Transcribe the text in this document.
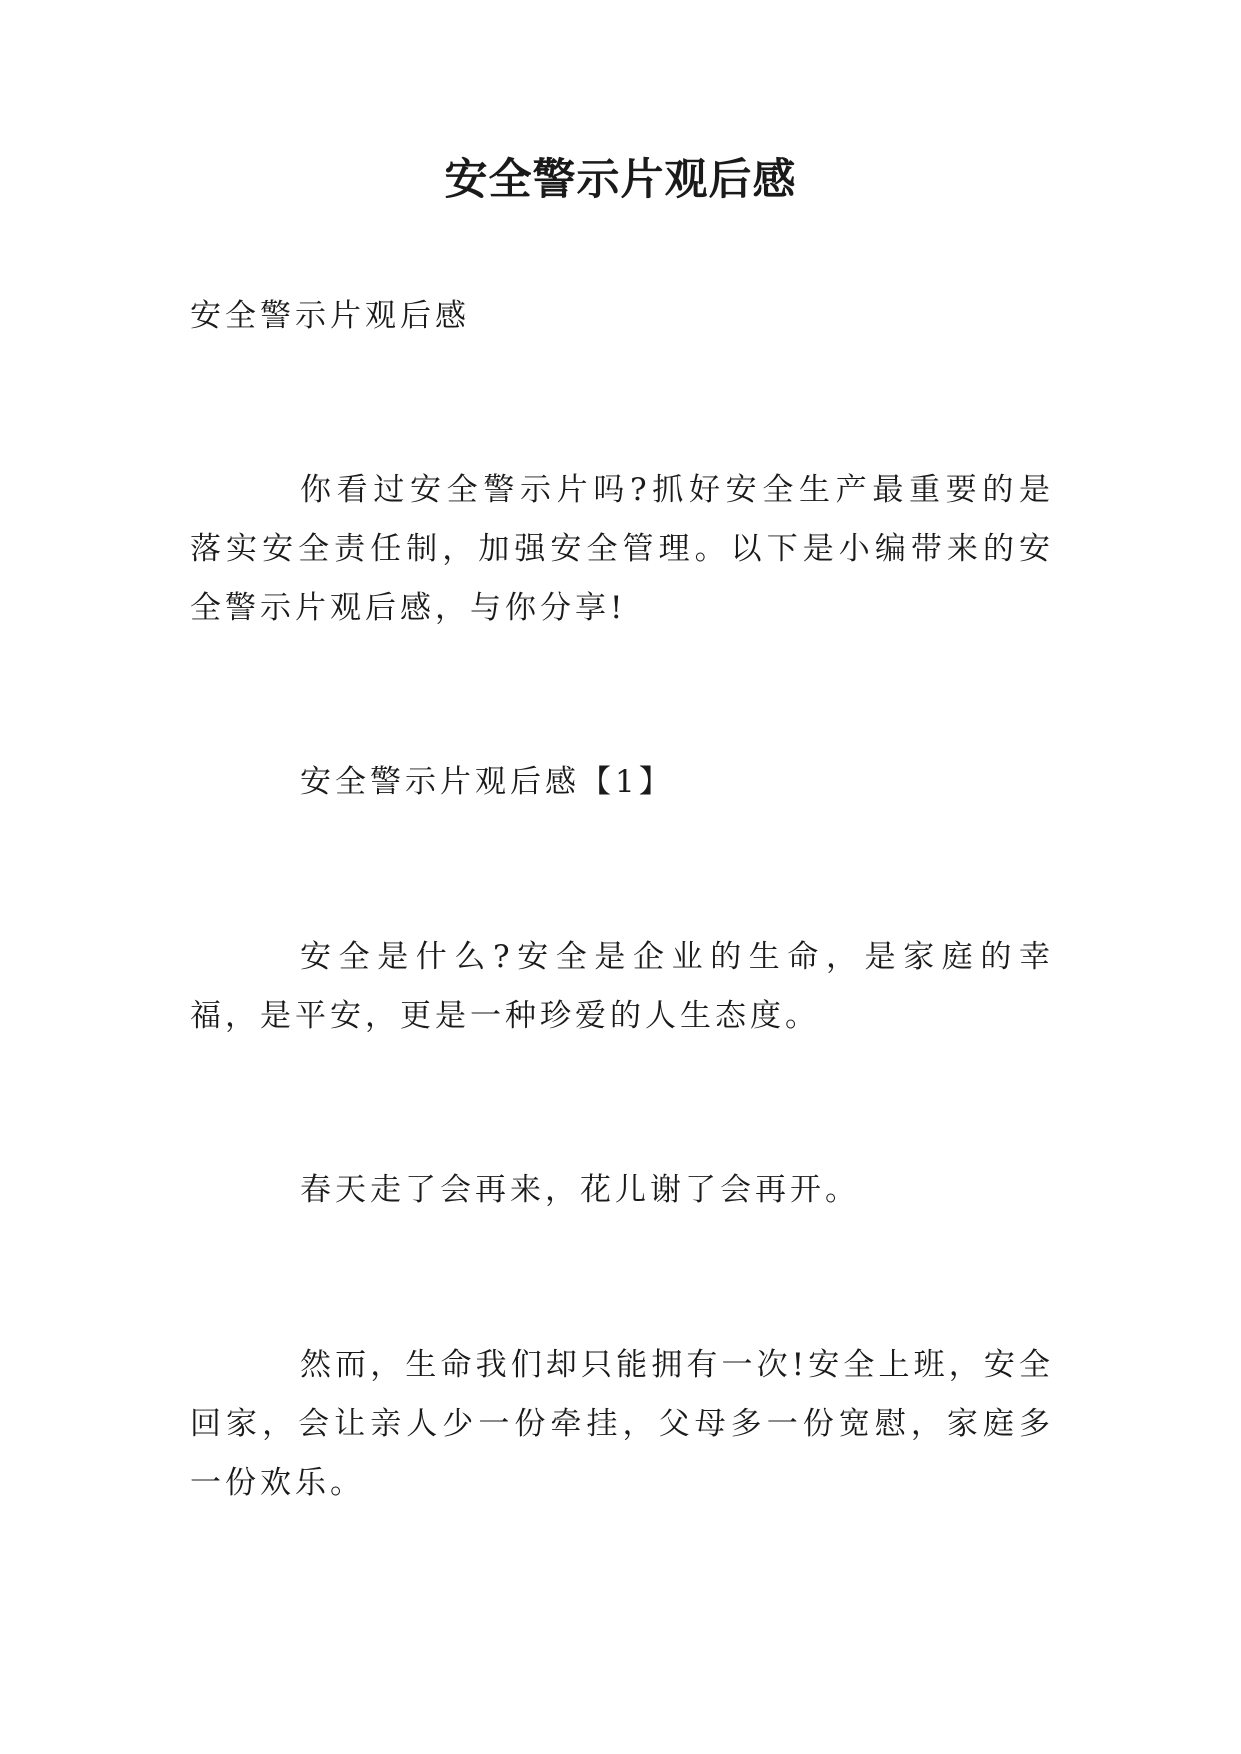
安全警示片观后感

安全警示片观后感

你看过安全警示片吗?抓好安全生产最重要的是落实安全责任制，加强安全管理。以下是小编带来的安全警示片观后感，与你分享!

安全警示片观后感【1】

安全是什么?安全是企业的生命，是家庭的幸福，是平安，更是一种珍爱的人生态度。

春天走了会再来，花儿谢了会再开。

然而，生命我们却只能拥有一次!安全上班，安全回家，会让亲人少一份牵挂，父母多一份宽慰，家庭多一份欢乐。
